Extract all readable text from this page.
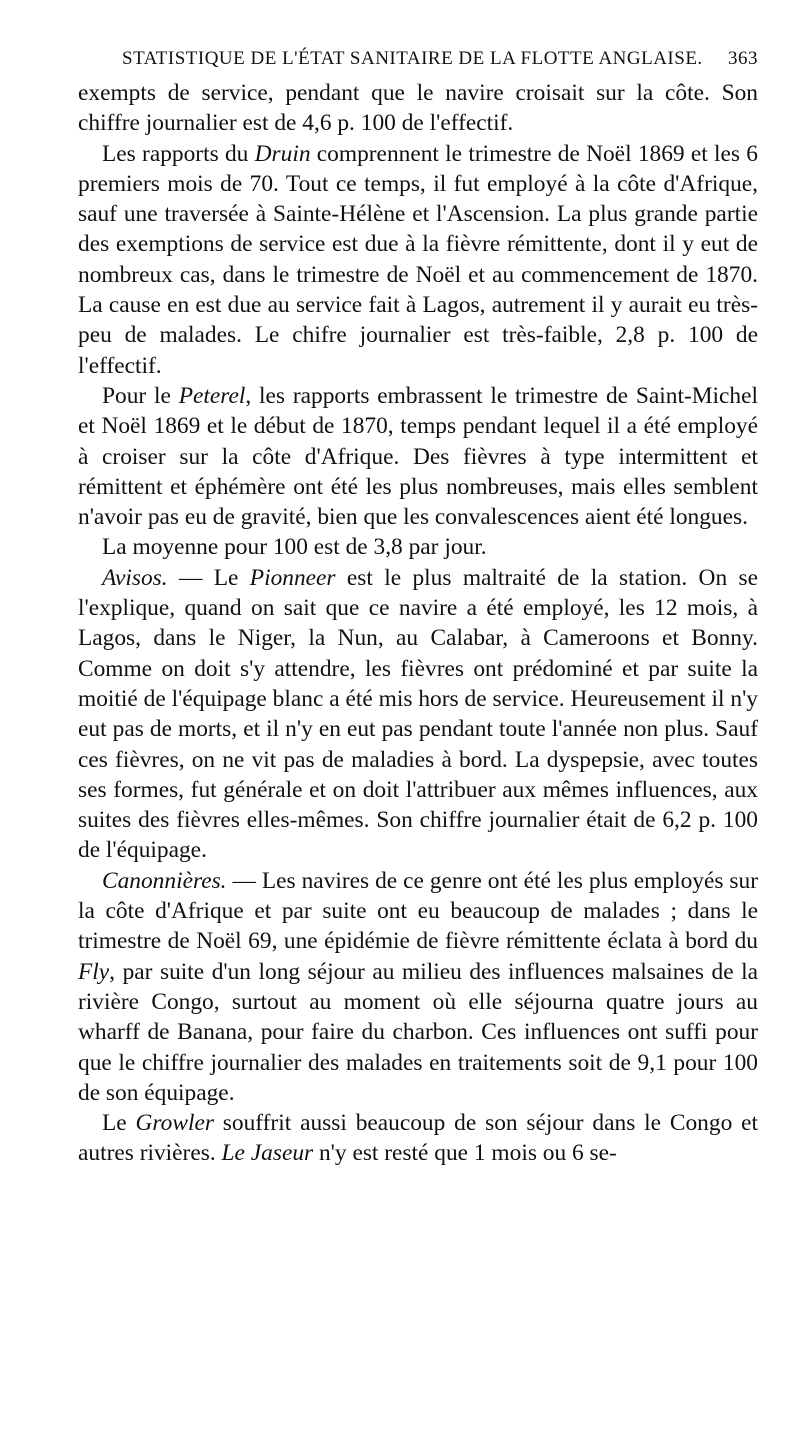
STATISTIQUE DE L'ÉTAT SANITAIRE DE LA FLOTTE ANGLAISE. 363

exempts de service, pendant que le navire croisait sur la côte. Son chiffre journalier est de 4,6 p. 100 de l'effectif.

Les rapports du Druin comprennent le trimestre de Noël 1869 et les 6 premiers mois de 70. Tout ce temps, il fut employé à la côte d'Afrique, sauf une traversée à Sainte-Hélène et l'Ascension. La plus grande partie des exemptions de service est due à la fièvre rémittente, dont il y eut de nombreux cas, dans le trimestre de Noël et au commencement de 1870. La cause en est due au service fait à Lagos, autrement il y aurait eu très-peu de malades. Le chifre journalier est très-faible, 2,8 p. 100 de l'effectif.

Pour le Peterel, les rapports embrassent le trimestre de Saint-Michel et Noël 1869 et le début de 1870, temps pendant lequel il a été employé à croiser sur la côte d'Afrique. Des fièvres à type intermittent et rémittent et éphémère ont été les plus nombreuses, mais elles semblent n'avoir pas eu de gravité, bien que les convalescences aient été longues.

La moyenne pour 100 est de 3,8 par jour.

Avisos. — Le Pionneer est le plus maltraité de la station. On se l'explique, quand on sait que ce navire a été employé, les 12 mois, à Lagos, dans le Niger, la Nun, au Calabar, à Cameroons et Bonny. Comme on doit s'y attendre, les fièvres ont prédominé et par suite la moitié de l'équipage blanc a été mis hors de service. Heureusement il n'y eut pas de morts, et il n'y en eut pas pendant toute l'année non plus. Sauf ces fièvres, on ne vit pas de maladies à bord. La dyspepsie, avec toutes ses formes, fut générale et on doit l'attribuer aux mêmes influences, aux suites des fièvres elles-mêmes. Son chiffre journalier était de 6,2 p. 100 de l'équipage.

Canonnières. — Les navires de ce genre ont été les plus employés sur la côte d'Afrique et par suite ont eu beaucoup de malades ; dans le trimestre de Noël 69, une épidémie de fièvre rémittente éclata à bord du Fly, par suite d'un long séjour au milieu des influences malsaines de la rivière Congo, surtout au moment où elle séjourna quatre jours au wharff de Banana, pour faire du charbon. Ces influences ont suffi pour que le chiffre journalier des malades en traitements soit de 9,1 pour 100 de son équipage.

Le Growler souffrit aussi beaucoup de son séjour dans le Congo et autres rivières. Le Jaseur n'y est resté que 1 mois ou 6 se-
